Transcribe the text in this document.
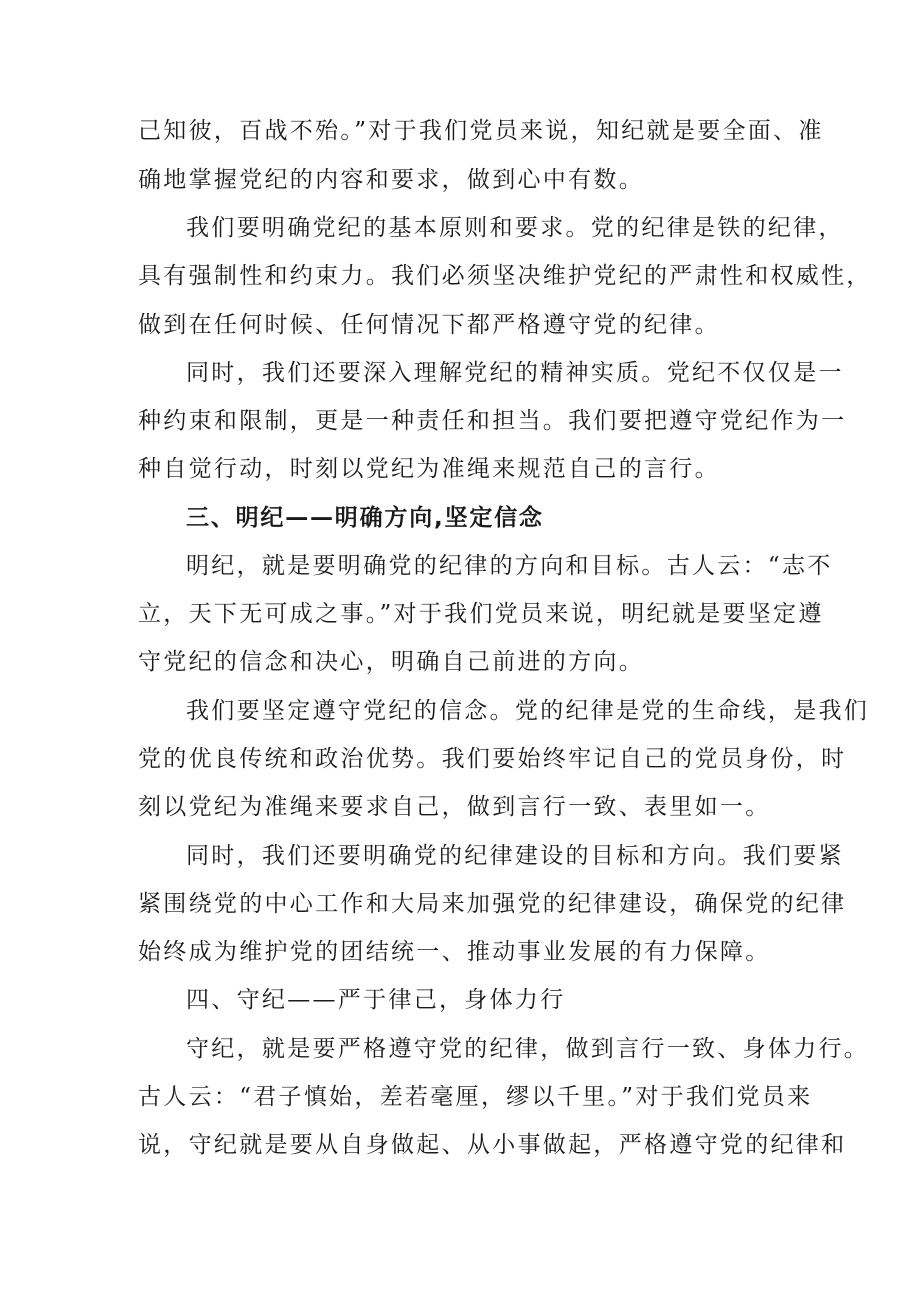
己知彼，百战不殆。”对于我们党员来说，知纪就是要全面、准
确地掌握党纪的内容和要求，做到心中有数。
我们要明确党纪的基本原则和要求。党的纪律是铁的纪律，
具有强制性和约束力。我们必须坚决维护党纪的严肃性和权威性，
做到在任何时候、任何情况下都严格遵守党的纪律。
同时，我们还要深入理解党纪的精神实质。党纪不仅仅是一
种约束和限制，更是一种责任和担当。我们要把遵守党纪作为一
种自觉行动，时刻以党纪为准绳来规范自己的言行。
三、明纪——明确方向,坚定信念
明纪，就是要明确党的纪律的方向和目标。古人云：“志不
立，天下无可成之事。”对于我们党员来说，明纪就是要坚定遵
守党纪的信念和决心，明确自己前进的方向。
我们要坚定遵守党纪的信念。党的纪律是党的生命线，是我们
党的优良传统和政治优势。我们要始终牢记自己的党员身份，时
刻以党纪为准绳来要求自己，做到言行一致、表里如一。
同时，我们还要明确党的纪律建设的目标和方向。我们要紧
紧围绕党的中心工作和大局来加强党的纪律建设，确保党的纪律
始终成为维护党的团结统一、推动事业发展的有力保障。
四、守纪——严于律己，身体力行
守纪，就是要严格遵守党的纪律，做到言行一致、身体力行。
古人云：“君子慎始，差若毫厘，缪以千里。”对于我们党员来
说，守纪就是要从自身做起、从小事做起，严格遵守党的纪律和
